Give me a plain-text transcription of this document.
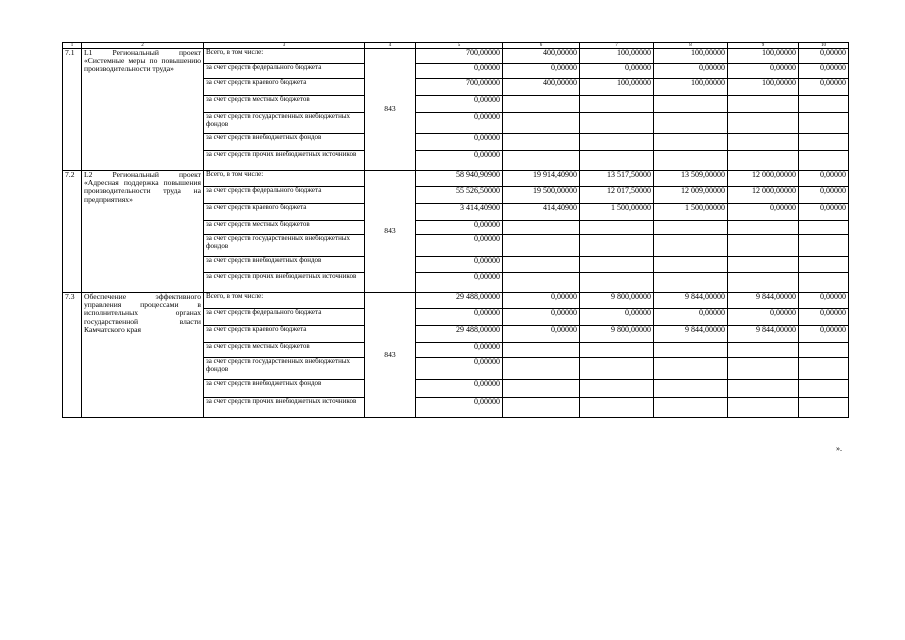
1	2	3	4	5	6	7	8	9	10
7.1	L1 Региональный проект «Системные меры по повышению производительности труда»	Всего, в том числе:	843	700,00000	400,00000	100,00000	100,00000	100,00000	0,00000
		за счет средств федерального бюджета		0,00000	0,00000	0,00000	0,00000	0,00000	0,00000
		за счет средств краевого бюджета		700,00000	400,00000	100,00000	100,00000	100,00000	0,00000
		за счет средств местных бюджетов		0,00000					
		за счет средств государственных внебюджетных фондов		0,00000					
		за счет средств внебюджетных фондов		0,00000					
		за счет средств прочих внебюджетных источников		0,00000					
7.2	L2 Региональный проект «Адресная поддержка повышения производительности труда на предприятиях»	Всего, в том числе:	843	58 940,90900	19 914,40900	13 517,50000	13 509,00000	12 000,00000	0,00000
		за счет средств федерального бюджета		55 526,50000	19 500,00000	12 017,50000	12 009,00000	12 000,00000	0,00000
		за счет средств краевого бюджета		3 414,40900	414,40900	1 500,00000	1 500,00000	0,00000	0,00000
		за счет средств местных бюджетов		0,00000					
		за счет средств государственных внебюджетных фондов		0,00000					
		за счет средств внебюджетных фондов		0,00000					
		за счет средств прочих внебюджетных источников		0,00000					
7.3	Обеспечение эффективного управления процессами в исполнительных органах государственной власти Камчатского края	Всего, в том числе:	843	29 488,00000	0,00000	9 800,00000	9 844,00000	9 844,00000	0,00000
		за счет средств федерального бюджета		0,00000	0,00000	0,00000	0,00000	0,00000	0,00000
		за счет средств краевого бюджета		29 488,00000	0,00000	9 800,00000	9 844,00000	9 844,00000	0,00000
		за счет средств местных бюджетов		0,00000					
		за счет средств государственных внебюджетных фондов		0,00000					
		за счет средств внебюджетных фондов		0,00000					
		за счет средств прочих внебюджетных источников		0,00000					
».
